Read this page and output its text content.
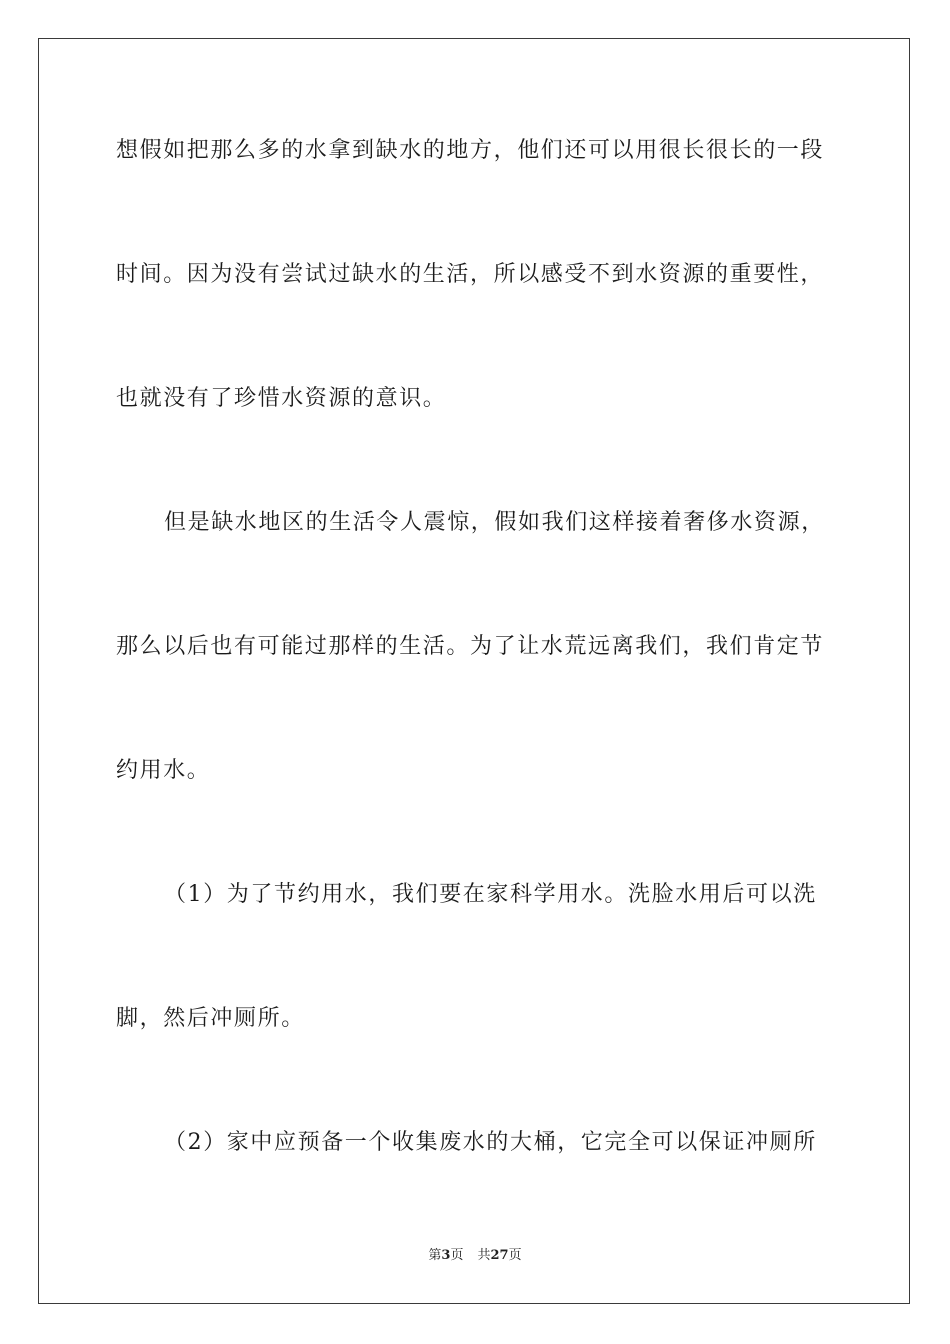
想假如把那么多的水拿到缺水的地方，他们还可以用很长很长的一段
时间。因为没有尝试过缺水的生活，所以感受不到水资源的重要性，
也就没有了珍惜水资源的意识。
但是缺水地区的生活令人震惊，假如我们这样接着奢侈水资源，
那么以后也有可能过那样的生活。为了让水荒远离我们，我们肯定节
约用水。
（1）为了节约用水，我们要在家科学用水。洗脸水用后可以洗
脚，然后冲厕所。
（2）家中应预备一个收集废水的大桶，它完全可以保证冲厕所
第3页 共27页
